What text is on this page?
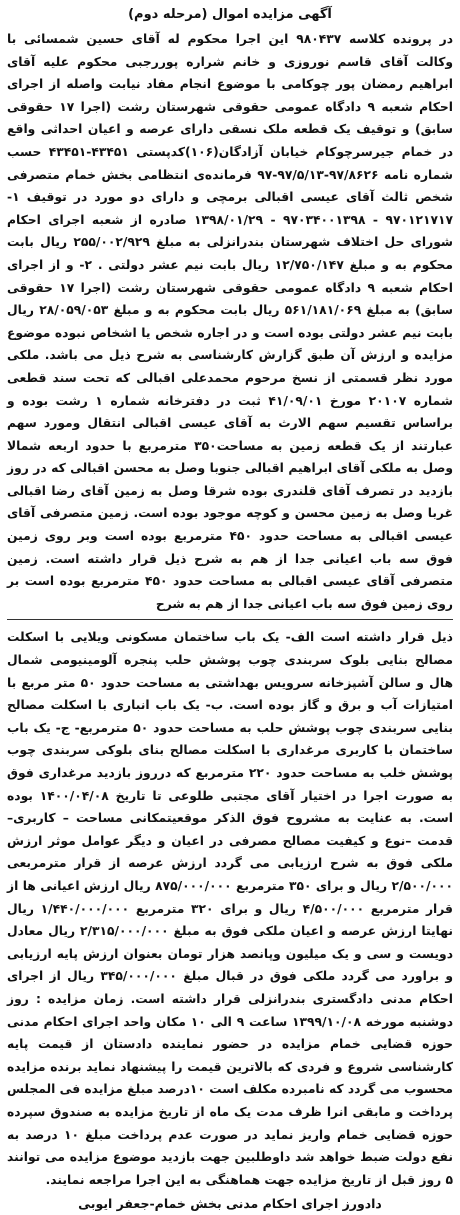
آگهی مزایده اموال (مرحله دوم)

در پرونده کلاسه ۹۸۰۴۳۷ این اجرا محکوم له آقای حسین شمسائی با وکالت آقای قاسم نوروزی و خانم شراره پوررجبی محکوم علیه آقای ابراهیم رمضان پور چوکامی با موضوع انجام مفاد نیابت واصله از اجرای احکام شعبه ۹ دادگاه عمومی حقوقی شهرستان رشت (اجرا ۱۷ حقوقی سابق) و توقیف یک قطعه ملک نسقی دارای عرصه و اعیان احداثی واقع در خمام جیرسرچوکام خیابان آزادگان(۱۰۶)کدپستی ۴۳۴۵۱-۴۳۴۵۱ حسب شماره نامه ۹۷/۸۶۲۶-۹۷/۵/۱۳-۹۷ فرمانده‌ی انتظامی بخش خمام متصرفی شخص ثالث آقای عیسی اقبالی برمچی و دارای دو مورد در توقیف ۱- ۹۷۰۱۲۱۷۱۷ - ۹۷۰۳۴۰۰۱۳۹۸ - ۱۳۹۸/۰۱/۲۹ صادره از شعبه اجرای احکام شورای حل اختلاف شهرستان بندرانزلی به مبلغ ۲۵۵/۰۰۲/۹۲۹ ریال بابت محکوم به و مبلغ ۱۲/۷۵۰/۱۴۷ ریال بابت نیم عشر دولتی . ۲- و از اجرای احکام شعبه ۹ دادگاه عمومی حقوقی شهرستان رشت (اجرا ۱۷ حقوقی سابق) به مبلغ ۵۶۱/۱۸۱/۰۶۹ ریال بابت محکوم به و مبلغ ۲۸/۰۵۹/۰۵۳ ریال بابت نیم عشر دولتی بوده است و در اجاره شخص یا اشخاص نبوده موضوع مزایده و ارزش آن طبق گزارش کارشناسی به شرح ذیل می باشد. ملکی مورد نظر قسمتی از نسخ مرحوم محمدعلی اقبالی که تحت سند قطعی شماره ۲۰۱۰۷ مورخ ۴۱/۰۹/۰۱ ثبت در دفترخانه شماره ۱ رشت بوده و براساس تقسیم سهم الارث به آقای عیسی اقبالی انتقال ومورد سهم عبارتند از یک قطعه زمین به مساحت۳۵۰ مترمربع با حدود اربعه شمالا وصل به ملکی آقای ابراهیم اقبالی جنوبا وصل به محسن اقبالی که در روز بازدید در تصرف آقای قلندری بوده شرقا وصل به زمین آقای رضا اقبالی غربا وصل به زمین محسن و کوچه موجود بوده است. زمین متصرفی آقای عیسی اقبالی به مساحت حدود ۴۵۰ مترمربع بوده است وبر روی زمین فوق سه باب اعیانی جدا از هم به شرح ذیل قرار داشته است. زمین متصرفی آقای عیسی اقبالی به مساحت حدود ۴۵۰ مترمربع بوده است بر روی زمین فوق سه باب اعیانی جدا از هم به شرح

ذیل قرار داشته است الف- یک باب ساختمان مسکونی ویلایی با اسکلت مصالح بنایی بلوک سربندی چوب پوشش حلب پنجره آلومینیومی شمال هال و سالن آشپزخانه سرویس بهداشتی به مساحت حدود ۵۰ متر مربع با امتیازات آب و برق و گاز بوده است. ب- یک باب انباری با اسکلت مصالح بنایی سربندی چوب پوشش حلب به مساحت حدود ۵۰ مترمربع- ج- یک باب ساختمان با کاربری مرغداری با اسکلت مصالح بنای بلوکی سربندی چوب پوشش خلب به مساحت حدود ۲۲۰ مترمربع که درروز بازدید مرغداری فوق به صورت اجرا در اختیار آقای مجتبی طلوعی تا تاریخ ۱۴۰۰/۰۴/۰۸ بوده است. به عنایت به مشروح فوق الذکر موقعیتمکانی مساحت – کاربری– قدمت –نوع و کیفیت مصالح مصرفی در اعیان و دیگر عوامل موثر ارزش ملکی فوق به شرح ارزیابی می گردد ارزش عرصه از قرار مترمربعی ۲/۵۰۰/۰۰۰ ریال و برای ۳۵۰ مترمربع ۸۷۵/۰۰۰/۰۰۰ ریال ارزش اعیانی ها از قرار مترمربع ۴/۵۰۰/۰۰۰ ریال و برای ۳۲۰ مترمربع ۱/۴۴۰/۰۰۰/۰۰۰ ریال نهایتا ارزش عرصه و اعیان ملکی فوق به مبلغ ۲/۳۱۵/۰۰۰/۰۰۰ ریال معادل دویست و سی و یک میلیون وپانصد هزار تومان بعنوان ارزش پایه ارزیابی و براورد می گردد ملکی فوق در قبال مبلغ ۳۴۵/۰۰۰/۰۰۰ ریال از اجرای احکام مدنی دادگستری بندرانزلی قرار داشته است. زمان مزایده : روز دوشنبه مورخه ۱۳۹۹/۱۰/۰۸ ساعت ۹ الی ۱۰ مکان واحد اجرای احکام مدنی حوزه قضایی خمام مزایده در حضور نماینده دادستان از قیمت پایه کارشناسی شروع و فردی که بالاترین قیمت را پیشنهاد نماید برنده مزایده محسوب می گردد که نامبرده مکلف است ۱۰درصد مبلغ مزایده فی المجلس پرداخت و مابقی انرا ظرف مدت یک ماه از تاریخ مزایده به صندوق سپرده حوزه قضایی خمام واریز نماید در صورت عدم پرداخت مبلغ ۱۰ درصد به نفع دولت ضبط خواهد شد داوطلبین جهت بازدید موضوع مزایده می توانند ۵ روز قبل از تاریخ مزایده جهت هماهنگی به این اجرا مراجعه نمایند.

دادورز اجرای احکام مدنی بخش خمام-جعفر ایوبی
